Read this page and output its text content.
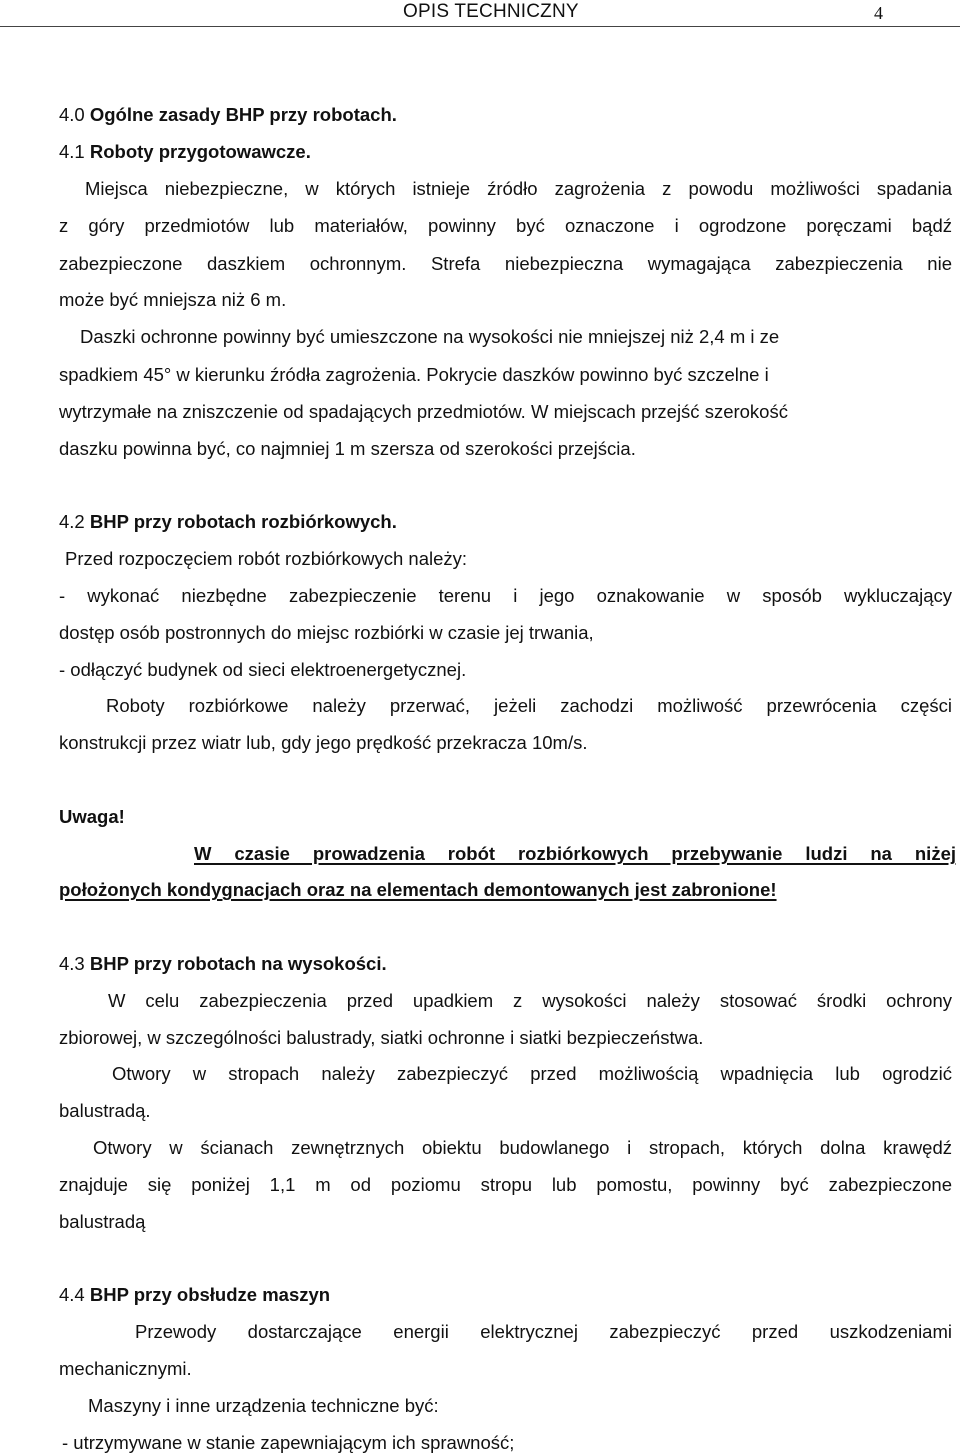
OPIS TECHNICZNY	4
4.0 Ogólne zasady BHP przy robotach.
4.1 Roboty przygotowawcze.
Miejsca niebezpieczne, w których istnieje źródło zagrożenia z powodu możliwości spadania
z góry przedmiotów lub materiałów, powinny być oznaczone i ogrodzone poręczami bądź
zabezpieczone daszkiem ochronnym. Strefa niebezpieczna wymagająca zabezpieczenia nie
może być mniejsza niż 6 m.
Daszki ochronne powinny być umieszczone na wysokości nie mniejszej niż 2,4 m i ze
spadkiem 45° w kierunku źródła zagrożenia. Pokrycie daszków powinno być szczelne i
wytrzymałe na zniszczenie od spadających przedmiotów. W miejscach przejść szerokość
daszku powinna być, co najmniej 1 m szersza od szerokości przejścia.
4.2 BHP przy robotach rozbiórkowych.
Przed rozpoczęciem robót rozbiórkowych należy:
- wykonać niezbędne zabezpieczenie terenu i jego oznakowanie w sposób wykluczający
dostęp osób postronnych do miejsc rozbiórki w czasie jej trwania,
- odłączyć budynek od sieci elektroenergetycznej.
Roboty rozbiórkowe należy przerwać, jeżeli zachodzi możliwość przewrócenia części
konstrukcji przez wiatr lub, gdy jego prędkość przekracza 10m/s.
Uwaga!
W czasie prowadzenia robót rozbiórkowych przebywanie ludzi na niżej
położonych kondygnacjach oraz na elementach demontowanych jest zabronione!
4.3 BHP przy robotach na wysokości.
W celu zabezpieczenia przed upadkiem z wysokości należy stosować środki ochrony
zbiorowej, w szczególności balustrady, siatki ochronne i siatki bezpieczeństwa.
Otwory w stropach należy zabezpieczyć przed możliwością wpadnięcia lub ogrodzić
balustradą.
Otwory w ścianach zewnętrznych obiektu budowlanego i stropach, których dolna krawędź
znajduje się poniżej 1,1 m od poziomu stropu lub pomostu, powinny być zabezpieczone
balustradą
4.4 BHP przy obsłudze maszyn
Przewody dostarczające energii elektrycznej zabezpieczyć przed uszkodzeniami
mechanicznymi.
Maszyny i inne urządzenia techniczne być:
- utrzymywane w stanie zapewniającym ich sprawność;
